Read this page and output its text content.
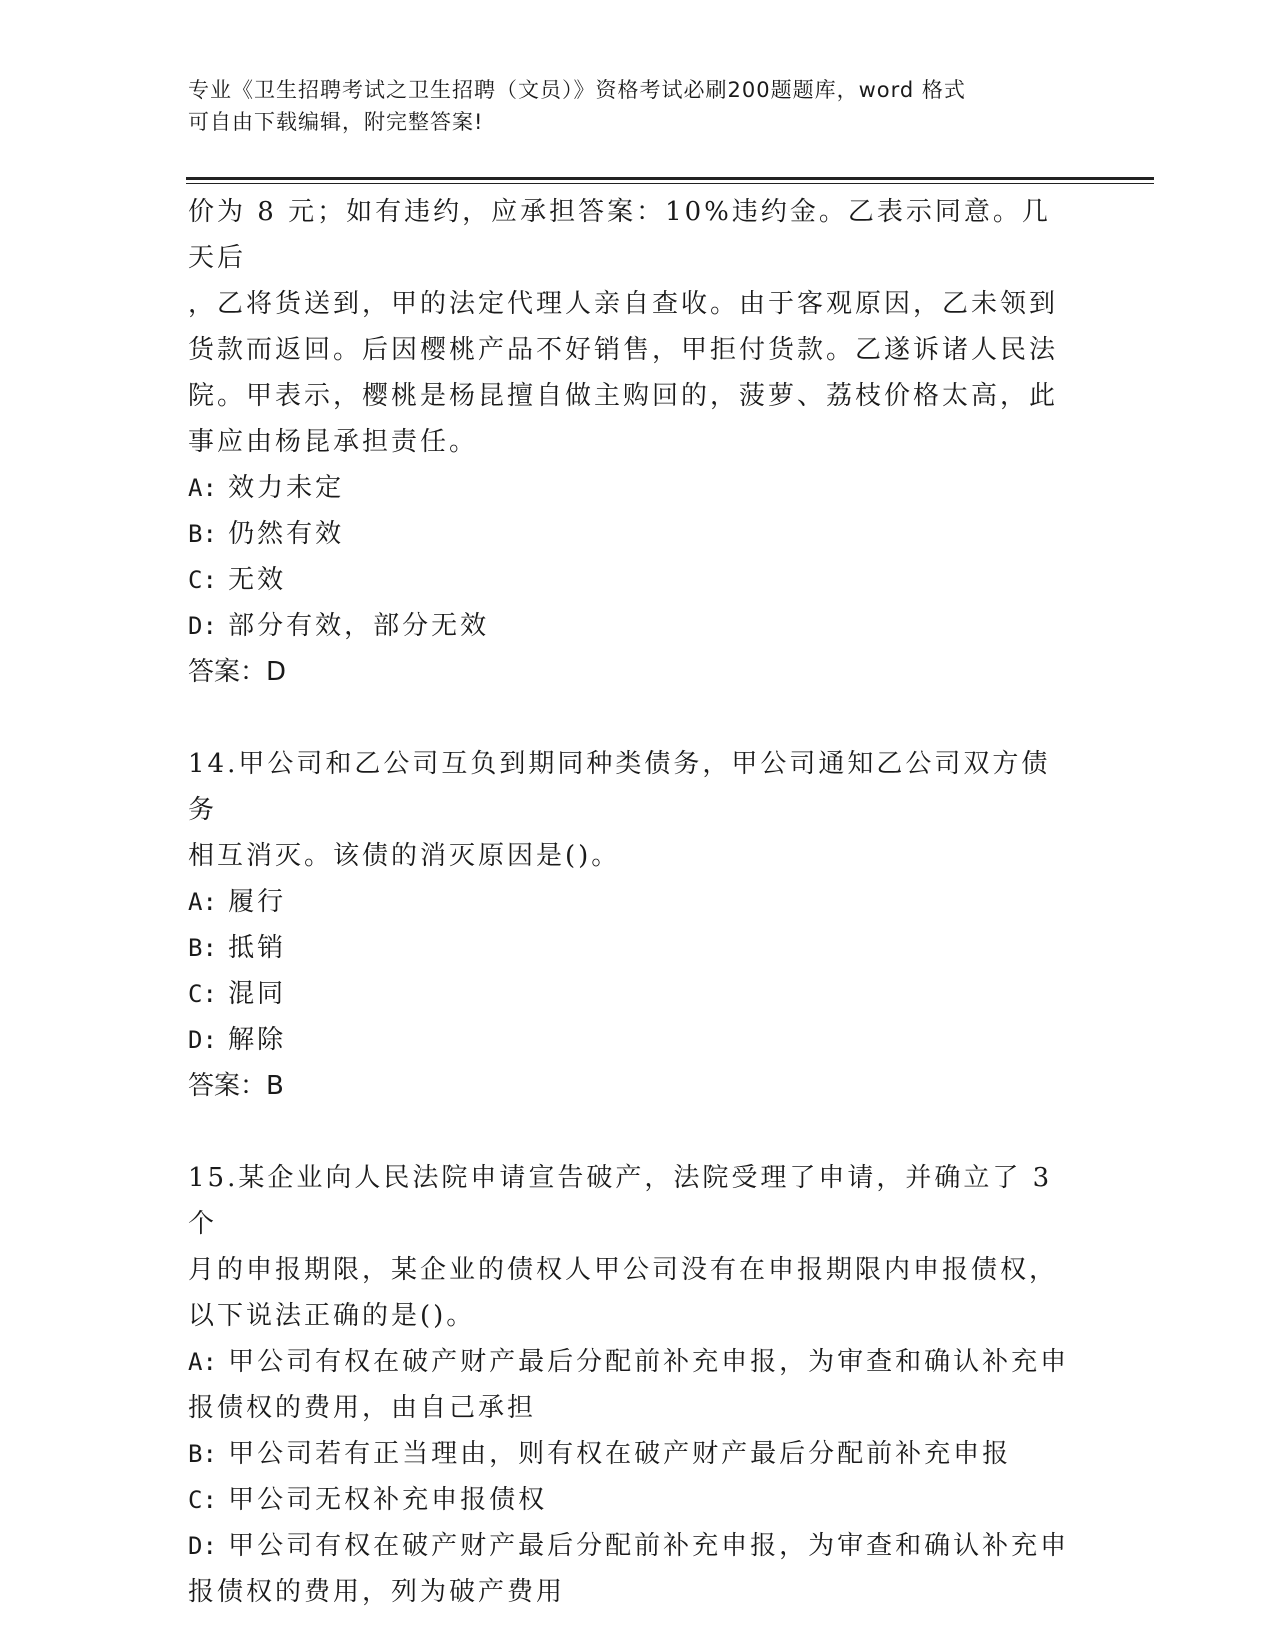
专业《卫生招聘考试之卫生招聘（文员）》资格考试必刷200题题库，word 格式
可自由下载编辑，附完整答案!

价为 8 元；如有违约，应承担答案：10%违约金。乙表示同意。几天后

，乙将货送到，甲的法定代理人亲自查收。由于客观原因，乙未领到

货款而返回。后因樱桃产品不好销售，甲拒付货款。乙遂诉诸人民法

院。甲表示，樱桃是杨昆擅自做主购回的，菠萝、荔枝价格太高，此

事应由杨昆承担责任。

A: 效力未定

B: 仍然有效

C: 无效

D: 部分有效，部分无效

答案：D

14.甲公司和乙公司互负到期同种类债务，甲公司通知乙公司双方债务

相互消灭。该债的消灭原因是()。

A: 履行

B: 抵销

C: 混同

D: 解除

答案：B

15.某企业向人民法院申请宣告破产，法院受理了申请，并确立了 3 个

月的申报期限，某企业的债权人甲公司没有在申报期限内申报债权，

以下说法正确的是()。

A: 甲公司有权在破产财产最后分配前补充申报，为审查和确认补充申

报债权的费用，由自己承担

B: 甲公司若有正当理由，则有权在破产财产最后分配前补充申报

C: 甲公司无权补充申报债权

D: 甲公司有权在破产财产最后分配前补充申报，为审查和确认补充申

报债权的费用，列为破产费用
